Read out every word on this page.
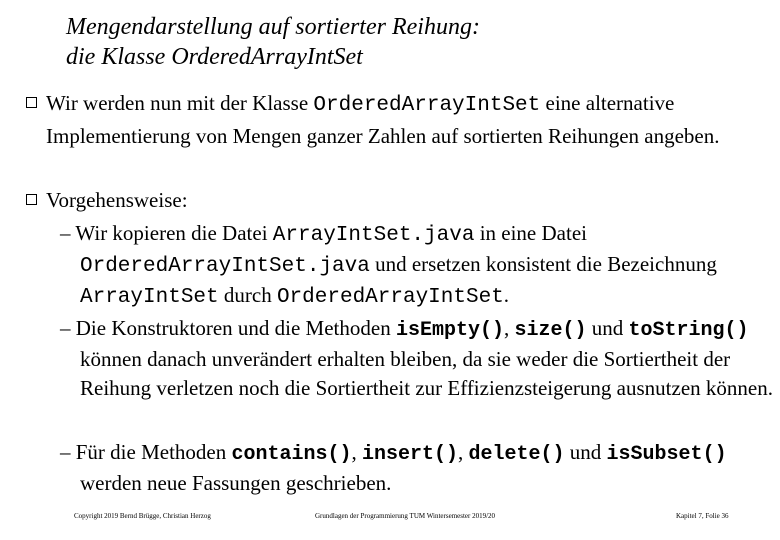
Mengendarstellung auf sortierter Reihung:
die Klasse OrderedArrayIntSet
Wir werden nun mit der Klasse OrderedArrayIntSet eine alternative Implementierung von Mengen ganzer Zahlen auf sortierten Reihungen angeben.
Vorgehensweise:
– Wir kopieren die Datei ArrayIntSet.java in eine Datei OrderedArrayIntSet.java und ersetzen konsistent die Bezeichnung ArrayIntSet durch OrderedArrayIntSet.
– Die Konstruktoren und die Methoden isEmpty(), size() und toString() können danach unverändert erhalten bleiben, da sie weder die Sortiertheit der Reihung verletzen noch die Sortiertheit zur Effizienzsteigerung ausnutzen können.
– Für die Methoden contains(), insert(), delete() und isSubset() werden neue Fassungen geschrieben.
Copyright 2019 Bernd Brügge, Christian Herzog	Grundlagen der Programmierung TUM Wintersemester 2019/20	Kapitel 7, Folie 36
